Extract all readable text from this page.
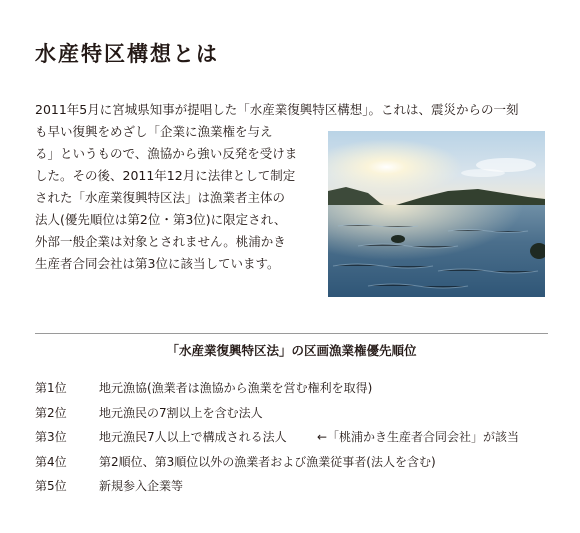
水産特区構想とは
2011年5月に宮城県知事が提唱した「水産業復興特区構想」。これは、震災からの一刻
も早い復興をめざし「企業に漁業権を与え
る」というもので、漁協から強い反発を受けま
した。その後、2011年12月に法律として制定
された「水産業復興特区法」は漁業者主体の
法人(優先順位は第2位・第3位)に限定され、
外部一般企業は対象とされません。桃浦かき
生産者合同会社は第3位に該当しています。
「水産業復興特区法」の区画漁業権優先順位
第1位	地元漁協(漁業者は漁協から漁業を営む権利を取得)
第2位	地元漁民の7割以上を含む法人
第3位	地元漁民7人以上で構成される法人	←「桃浦かき生産者合同会社」が該当
第4位	第2順位、第3順位以外の漁業者および漁業従事者(法人を含む)
第5位	新規参入企業等
